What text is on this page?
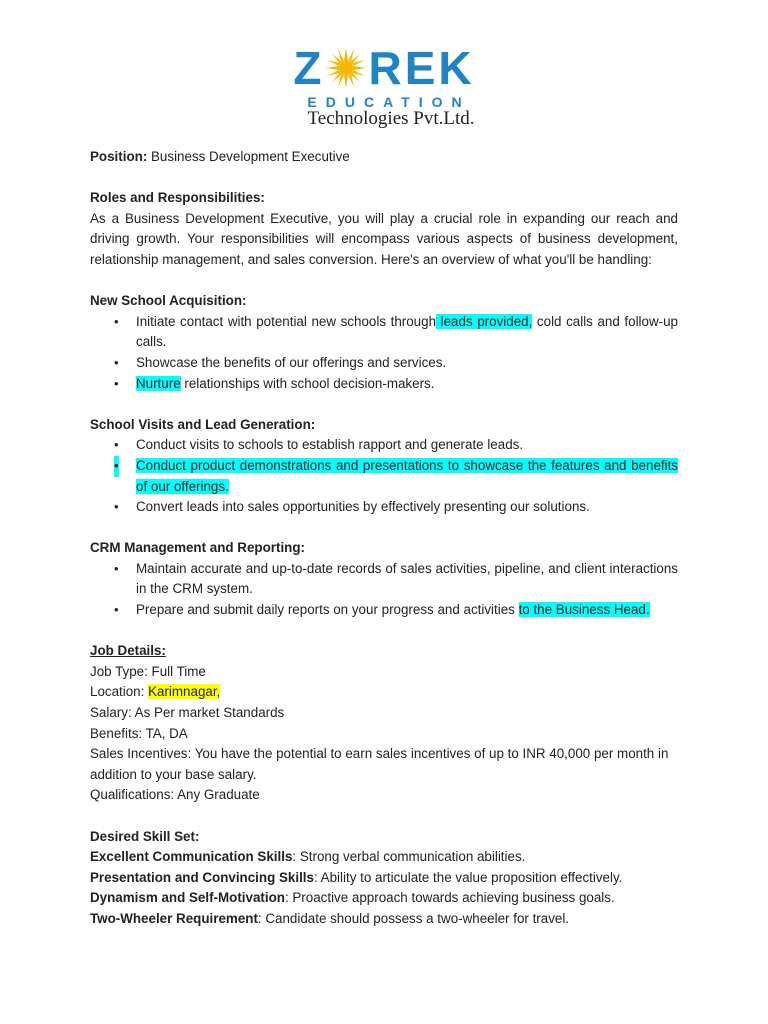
Z REK
EDUCATION
Technologies Pvt.Ltd.

Position: Business Development Executive

Roles and Responsibilities:

As a Business Development Executive, you will play a crucial role in expanding our reach and driving growth. Your responsibilities will encompass various aspects of business development, relationship management, and sales conversion. Here's an overview of what you'll be handling:

New School Acquisition:

• Initiate contact with potential new schools through leads provided, cold calls and follow-up calls.
• Showcase the benefits of our offerings and services.
• Nurture relationships with school decision-makers.

School Visits and Lead Generation:

• Conduct visits to schools to establish rapport and generate leads.
• Conduct product demonstrations and presentations to showcase the features and benefits of our offerings.
• Convert leads into sales opportunities by effectively presenting our solutions.

CRM Management and Reporting:

• Maintain accurate and up-to-date records of sales activities, pipeline, and client interactions in the CRM system.
• Prepare and submit daily reports on your progress and activities to the Business Head.

Job Details:

Job Type: Full Time

Location: Karimnagar,

Salary: As Per market Standards

Benefits: TA, DA

Sales Incentives: You have the potential to earn sales incentives of up to INR 40,000 per month in addition to your base salary.

Qualifications: Any Graduate

Desired Skill Set:

Excellent Communication Skills: Strong verbal communication abilities.

Presentation and Convincing Skills: Ability to articulate the value proposition effectively.

Dynamism and Self-Motivation: Proactive approach towards achieving business goals.

Two-Wheeler Requirement: Candidate should possess a two-wheeler for travel.
